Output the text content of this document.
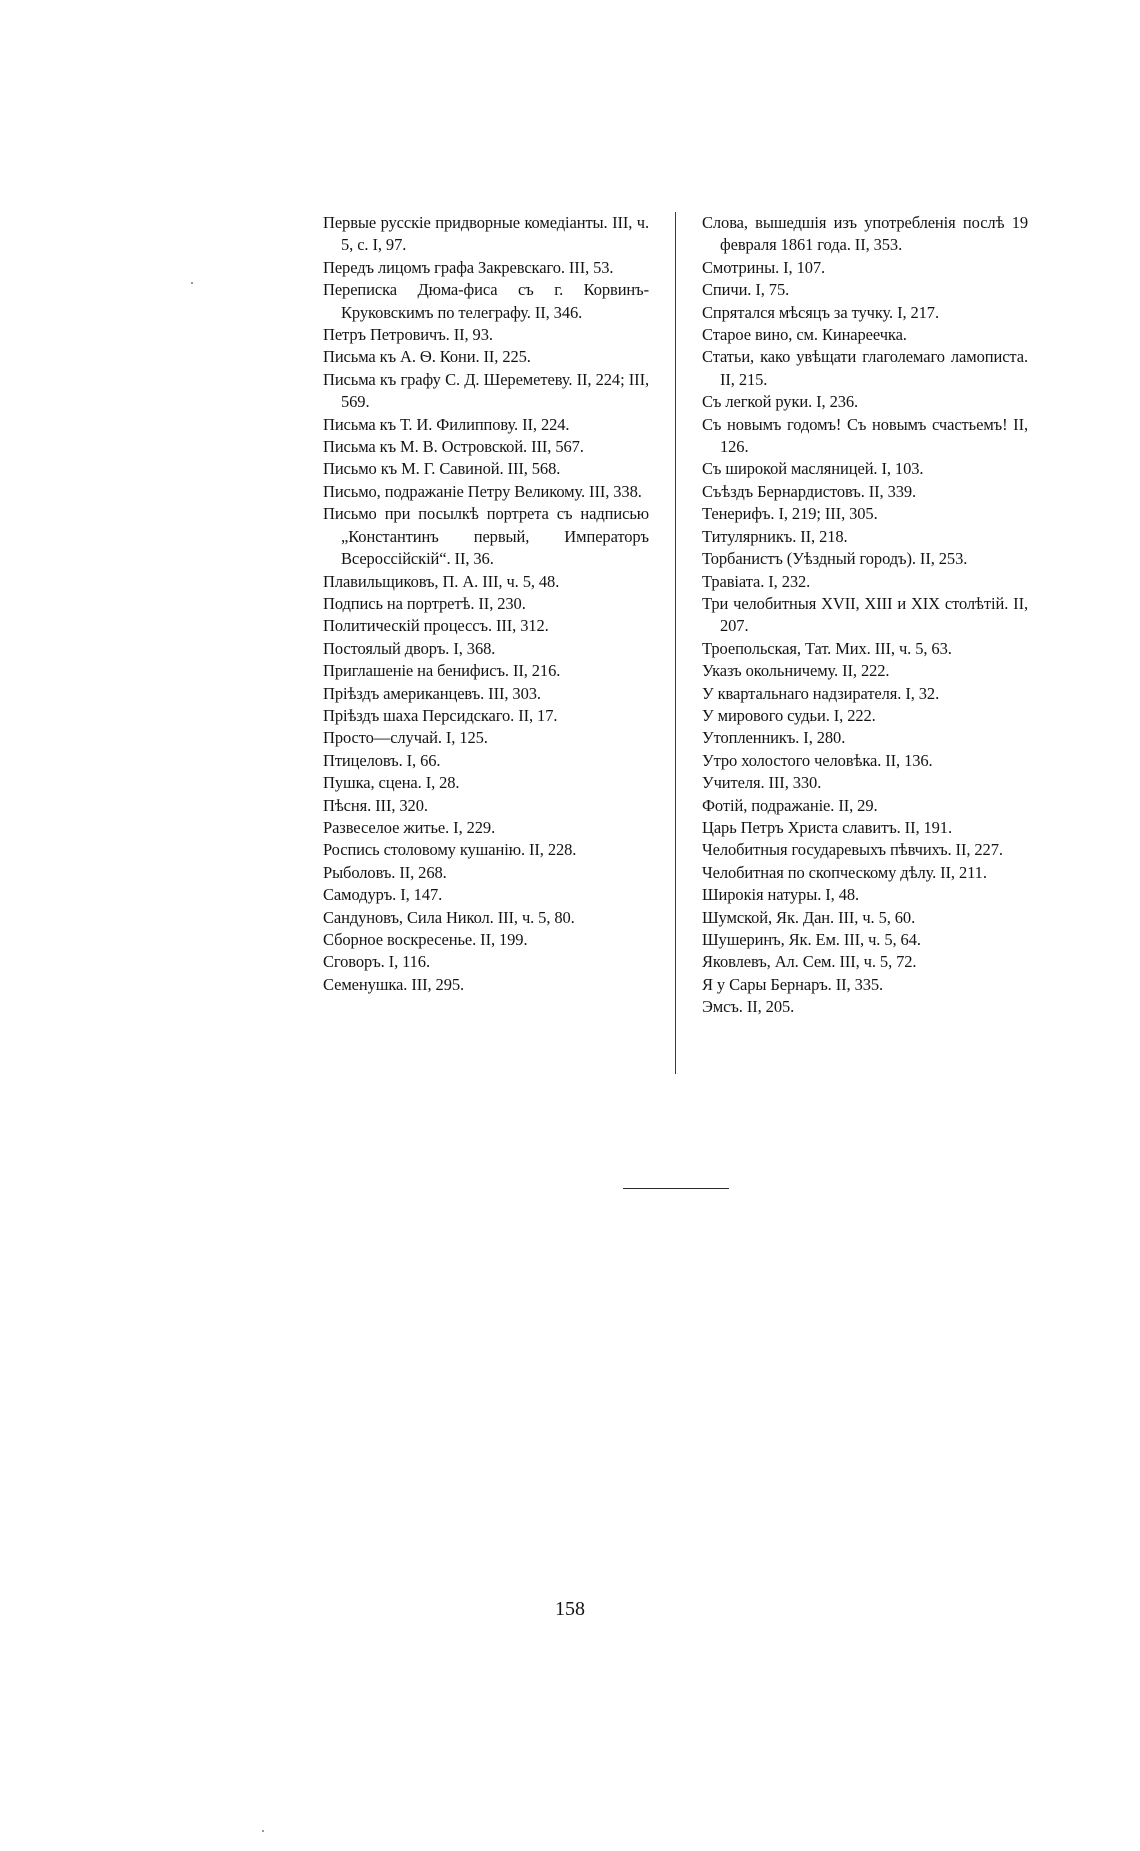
Первые русскіе придворные комедіанты. III, ч. 5, с. I, 97.
Передъ лицомъ графа Закревскаго. III, 53.
Переписка Дюма-фиса съ г. Корвинъ-Круковскимъ по телеграфу. II, 346.
Петръ Петровичъ. II, 93.
Письма къ А. Ѳ. Кони. II, 225.
Письма къ графу С. Д. Шереметеву. II, 224; III, 569.
Письма къ Т. И. Филиппову. II, 224.
Письма къ М. В. Островской. III, 567.
Письмо къ М. Г. Савиной. III, 568.
Письмо, подражаніе Петру Великому. III, 338.
Письмо при посылкѣ портрета съ надписью „Константинъ первый, Императоръ Всероссійскій“. II, 36.
Плавильщиковъ, П. А. III, ч. 5, 48.
Подпись на портретѣ. II, 230.
Политическій процессъ. III, 312.
Постоялый дворъ. I, 368.
Приглашеніе на бенифисъ. II, 216.
Пріѣздъ американцевъ. III, 303.
Пріѣздъ шаха Персидскаго. II, 17.
Просто—случай. I, 125.
Птицеловъ. I, 66.
Пушка, сцена. I, 28.
Пѣсня. III, 320.
Развеселое житье. I, 229.
Роспись столовому кушанію. II, 228.
Рыболовъ. II, 268.
Самодуръ. I, 147.
Сандуновъ, Сила Никол. III, ч. 5, 80.
Сборное воскресенье. II, 199.
Сговоръ. I, 116.
Семенушка. III, 295.
Слова, вышедшія изъ употребленія послѣ 19 февраля 1861 года. II, 353.
Смотрины. I, 107.
Спичи. I, 75.
Спрятался мѣсяцъ за тучку. I, 217.
Старое вино, см. Кинареечка.
Статьи, како увѣщати глаголемаго ламописта. II, 215.
Съ легкой руки. I, 236.
Съ новымъ годомъ! Съ новымъ счастьемъ! II, 126.
Съ широкой масляницей. I, 103.
Съѣздъ Бернардистовъ. II, 339.
Тенерифъ. I, 219; III, 305.
Титулярникъ. II, 218.
Торбанистъ (Уѣздный городъ). II, 253.
Травіата. I, 232.
Три челобитныя XVII, XIII и XIX столѣтій. II, 207.
Троепольская, Тат. Мих. III, ч. 5, 63.
Указъ окольничему. II, 222.
У квартальнаго надзирателя. I, 32.
У мирового судьи. I, 222.
Утопленникъ. I, 280.
Утро холостого человѣка. II, 136.
Учителя. III, 330.
Фотій, подражаніе. II, 29.
Царь Петръ Христа славитъ. II, 191.
Челобитныя государевыхъ пѣвчихъ. II, 227.
Челобитная по скопческому дѣлу. II, 211.
Широкія натуры. I, 48.
Шумской, Як. Дан. III, ч. 5, 60.
Шушеринъ, Як. Ем. III, ч. 5, 64.
Яковлевъ, Ал. Сем. III, ч. 5, 72.
Я у Сары Бернаръ. II, 335.
Эмсъ. II, 205.
158
